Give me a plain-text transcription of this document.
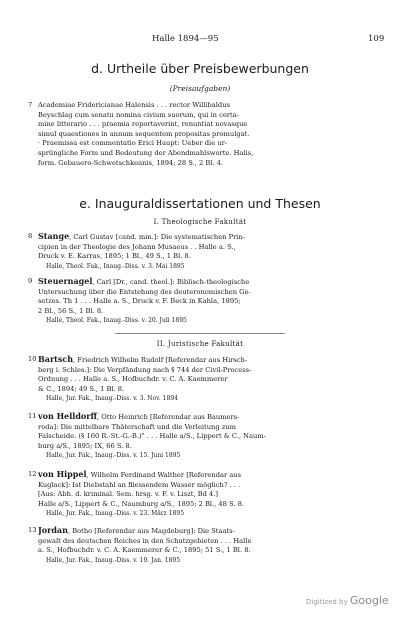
Halle 1894—95	109
d. Urtheile über Preisbewerbungen
(Preisaufgaben)
7 Academiae Fridericianae Halensis . . . rector Willibaldus
Beyschlag cum senatu nomina civium suorum, qui in certa-
mine litterario . . . praemia reportaverint, renuntiat novasque
simul quaestiones in annum sequentem propositas promulgat.
· Praemissa est commentatio Erici Haupt: Ueber die ur-
sprüngliche Form und Bedeutung der Abendmahlsworte. Halis,
form. Gebauero-Schwetschkeanis, 1894; 28 S., 2 Bl. 4.
e. Inauguraldissertationen und Thesen
I. Theologische Fakultät
8 Stange, Carl Gustav [cand. min.]: Die systematischen Prin-
cipien in der Theologie des Johann Musaeus . . Halle a. S.,
Druck v. E. Karras, 1895; 1 Bl., 49 S., 1 Bl. 8.
Halle, Theol. Fak., Inaug.-Diss. v. 3. Mai 1895
9 Steuernagel, Carl [Dr., cand. theol.]: Biblisch-theologische
Untersuchung über die Entstehung des deuteronomischen Ge-
setzes. Th 1 . . . Halle a. S., Druck v. F. Beck in Kahla, 1895;
2 Bl., 56 S., 1 Bl. 8.
Halle, Theol. Fak., Inaug.-Diss. v. 20. Juli 1895
II. Juristische Fakultät
10 Bartsch, Friedrich Wilhelm Rudolf [Referendar aus Hirsch-
berg i. Schles.]: Die Verpfändung nach § 744 der Civil-Process-
Ordnung . . . Halle a. S., Hofbuchdr. v. C. A. Kaemmerer
& C., 1894; 49 S., 1 Bl. 8.
Halle, Jur. Fak., Inaug.-Diss. v. 3. Nov. 1894
11 von Helldorff, Otto Heinrich [Referendar aus Baumers-
roda]: Die mittelbare Thäterschaft und die Verleitung zum
Falscheide. (§ 160 R.-St.-G.-B.)" . . . Halle a/S., Lippert & C., Naum-
burg a/S., 1895; IX, 66 S. 8.
Halle, Jur. Fak., Inaug.-Diss. v. 15. Juni 1895
12 von Hippel, Wilhelm Ferdinand Walther [Referendar aus
Kuglack]: Ist Diebstahl an fliessendem Wasser möglich? . . .
[Aus: Abh. d. kriminal. Sem. hrsg. v. F. v. Liszt, Bd 4.]
Halle a/S., Lippert & C., Naumburg a/S., 1895; 2 Bl., 48 S. 8.
Halle, Jur. Fak., Inaug.-Diss. v. 23. März 1895
13 Jordan, Botho [Referendar aus Magdeburg]: Die Staats-
gewalt des deutschen Reiches in den Schutzgebieten . . . Halle
a. S., Hofbuchdr. v. C. A. Kaemmerer & C., 1895; 51 S., 1 Bl. 8.
Halle, Jur. Fak., Inaug.-Diss. v. 19. Jan. 1895
Digitized by Google
